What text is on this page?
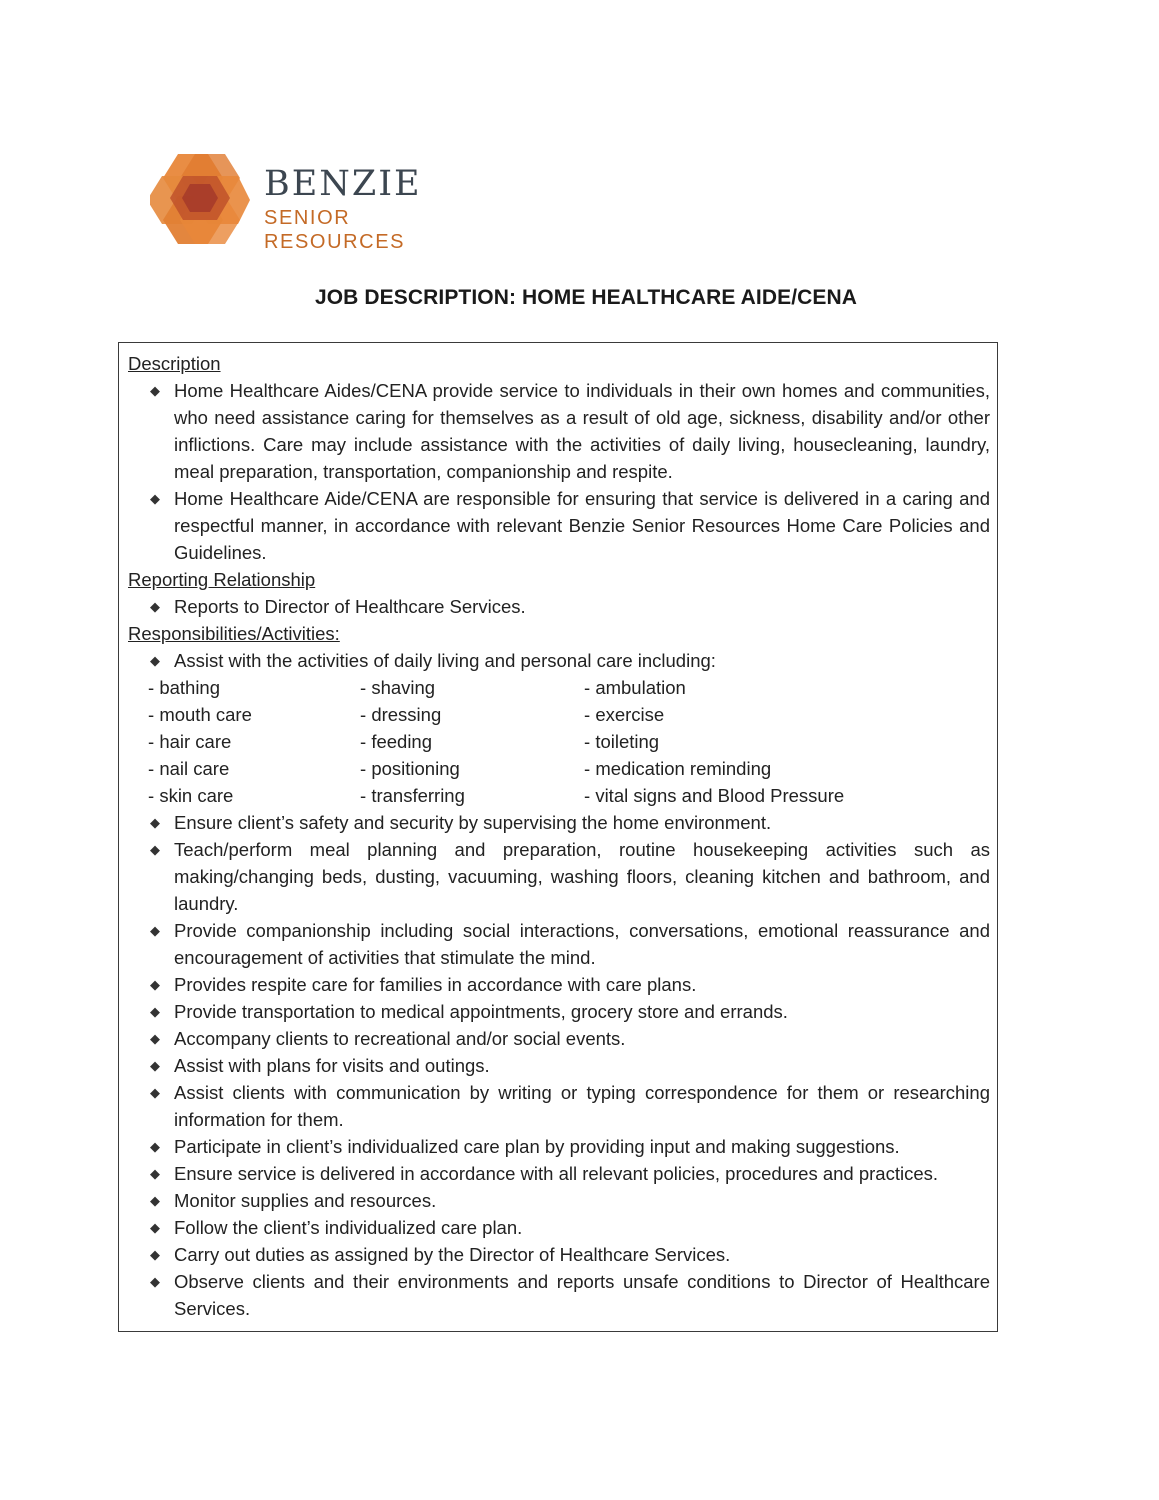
BENZIE
SENIOR RESOURCES
JOB DESCRIPTION: HOME HEALTHCARE AIDE/CENA
Description
◆ Home Healthcare Aides/CENA provide service to individuals in their own homes and communities, who need assistance caring for themselves as a result of old age, sickness, disability and/or other inflictions. Care may include assistance with the activities of daily living, housecleaning, laundry, meal preparation, transportation, companionship and respite.
◆ Home Healthcare Aide/CENA are responsible for ensuring that service is delivered in a caring and respectful manner, in accordance with relevant Benzie Senior Resources Home Care Policies and Guidelines.
Reporting Relationship
◆ Reports to Director of Healthcare Services.
Responsibilities/Activities:
◆ Assist with the activities of daily living and personal care including:
- bathing	- shaving	- ambulation
- mouth care	- dressing	- exercise
- hair care	- feeding	- toileting
- nail care	- positioning	- medication reminding
- skin care	- transferring	- vital signs and Blood Pressure
◆ Ensure client’s safety and security by supervising the home environment.
◆ Teach/perform meal planning and preparation, routine housekeeping activities such as making/changing beds, dusting, vacuuming, washing floors, cleaning kitchen and bathroom, and laundry.
◆ Provide companionship including social interactions, conversations, emotional reassurance and encouragement of activities that stimulate the mind.
◆ Provides respite care for families in accordance with care plans.
◆ Provide transportation to medical appointments, grocery store and errands.
◆ Accompany clients to recreational and/or social events.
◆ Assist with plans for visits and outings.
◆ Assist clients with communication by writing or typing correspondence for them or researching information for them.
◆ Participate in client’s individualized care plan by providing input and making suggestions.
◆ Ensure service is delivered in accordance with all relevant policies, procedures and practices.
◆ Monitor supplies and resources.
◆ Follow the client’s individualized care plan.
◆ Carry out duties as assigned by the Director of Healthcare Services.
◆ Observe clients and their environments and reports unsafe conditions to Director of Healthcare Services.
